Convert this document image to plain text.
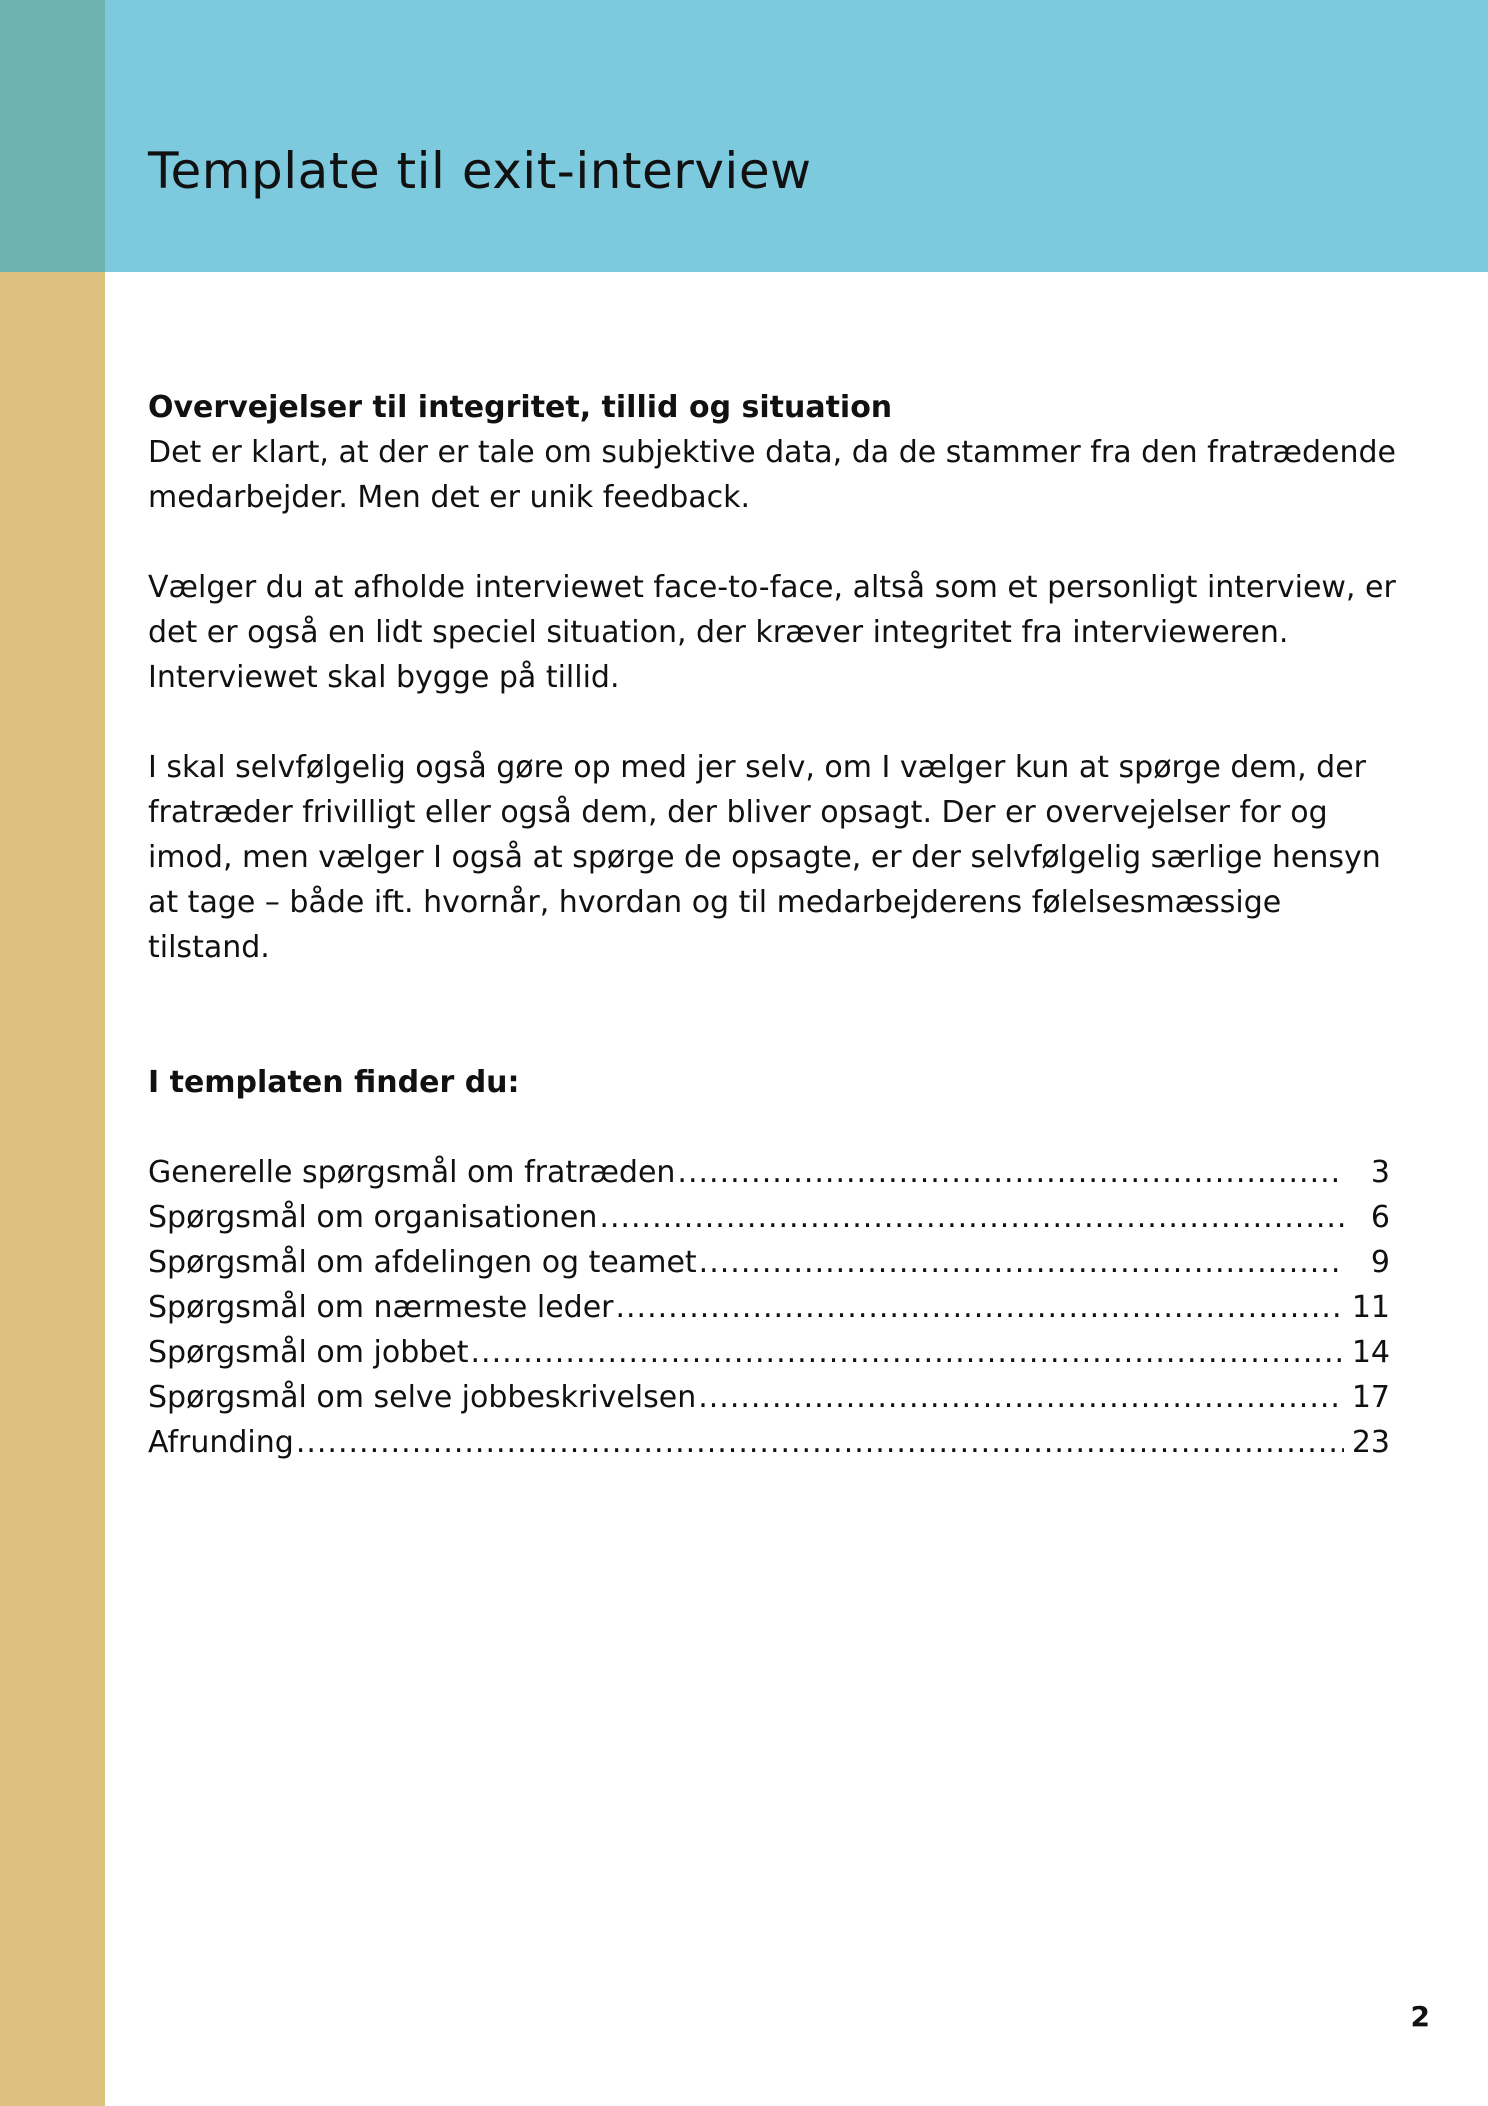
Template til exit-interview

Overvejelser til integritet, tillid og situation

Det er klart, at der er tale om subjektive data, da de stammer fra den fratrædende medarbejder. Men det er unik feedback.

Vælger du at afholde interviewet face-to-face, altså som et personligt interview, er det er også en lidt speciel situation, der kræver integritet fra intervieweren. Interviewet skal bygge på tillid.

I skal selvfølgelig også gøre op med jer selv, om I vælger kun at spørge dem, der fratræder frivilligt eller også dem, der bliver opsagt. Der er overvejelser for og imod, men vælger I også at spørge de opsagte, er der selvfølgelig særlige hensyn at tage – både ift. hvornår, hvordan og til medarbejderens følelsesmæssige tilstand.

I templaten finder du:

Generelle spørgsmål om fratræden .....	3
Spørgsmål om organisationen .....	6
Spørgsmål om afdelingen og teamet .....	9
Spørgsmål om nærmeste leder .....	11
Spørgsmål om jobbet .....	14
Spørgsmål om selve jobbeskrivelsen .....	17
Afrunding .....	23
2
